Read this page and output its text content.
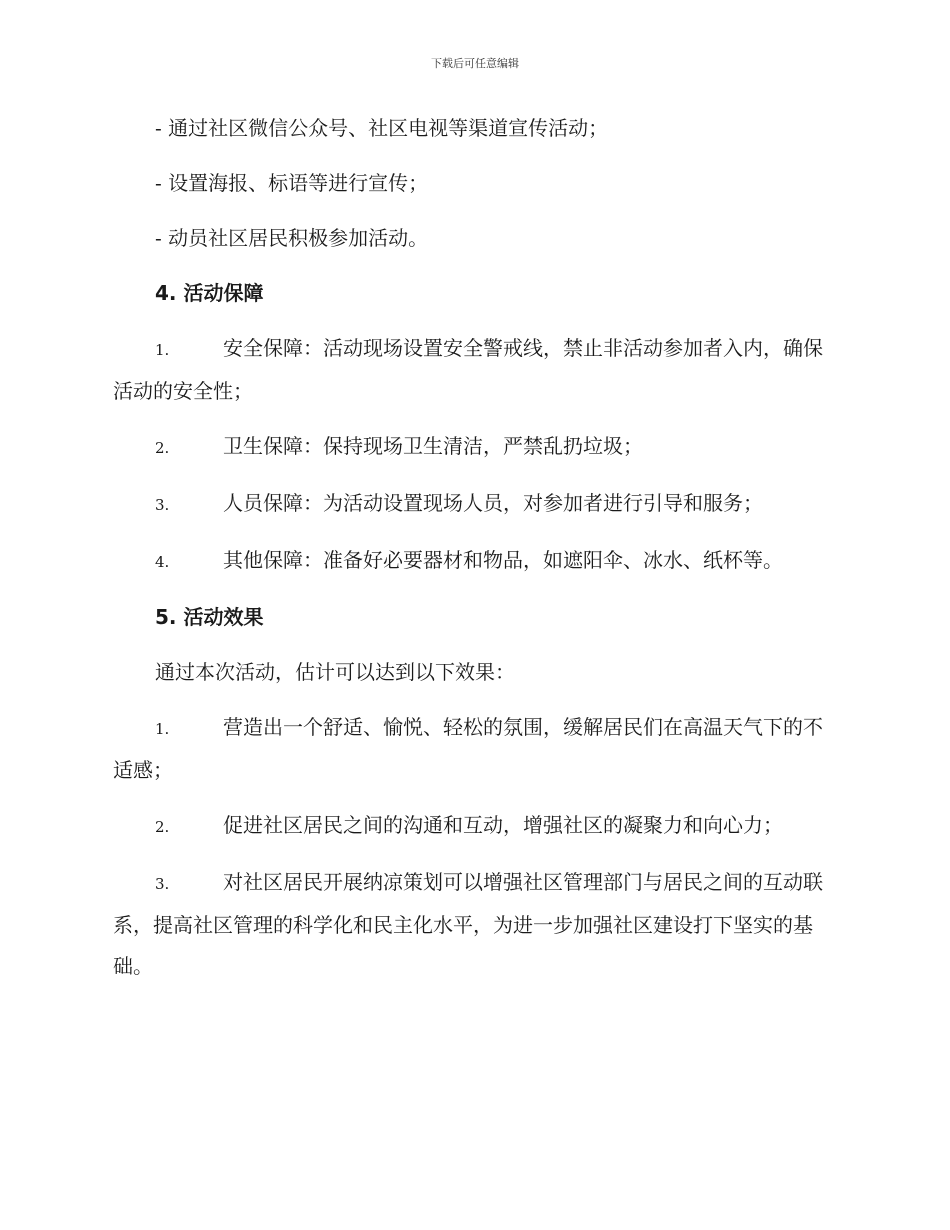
下载后可任意编辑

- 通过社区微信公众号、社区电视等渠道宣传活动；

- 设置海报、标语等进行宣传；

- 动员社区居民积极参加活动。

4. 活动保障

1.	安全保障：活动现场设置安全警戒线，禁止非活动参加者入内，确保活动的安全性；

2.	卫生保障：保持现场卫生清洁，严禁乱扔垃圾；

3.	人员保障：为活动设置现场人员，对参加者进行引导和服务；

4.	其他保障：准备好必要器材和物品，如遮阳伞、冰水、纸杯等。

5. 活动效果

通过本次活动，估计可以达到以下效果：

1.	营造出一个舒适、愉悦、轻松的氛围，缓解居民们在高温天气下的不适感；

2.	促进社区居民之间的沟通和互动，增强社区的凝聚力和向心力；

3.	对社区居民开展纳凉策划可以增强社区管理部门与居民之间的互动联系，提高社区管理的科学化和民主化水平，为进一步加强社区建设打下坚实的基础。
